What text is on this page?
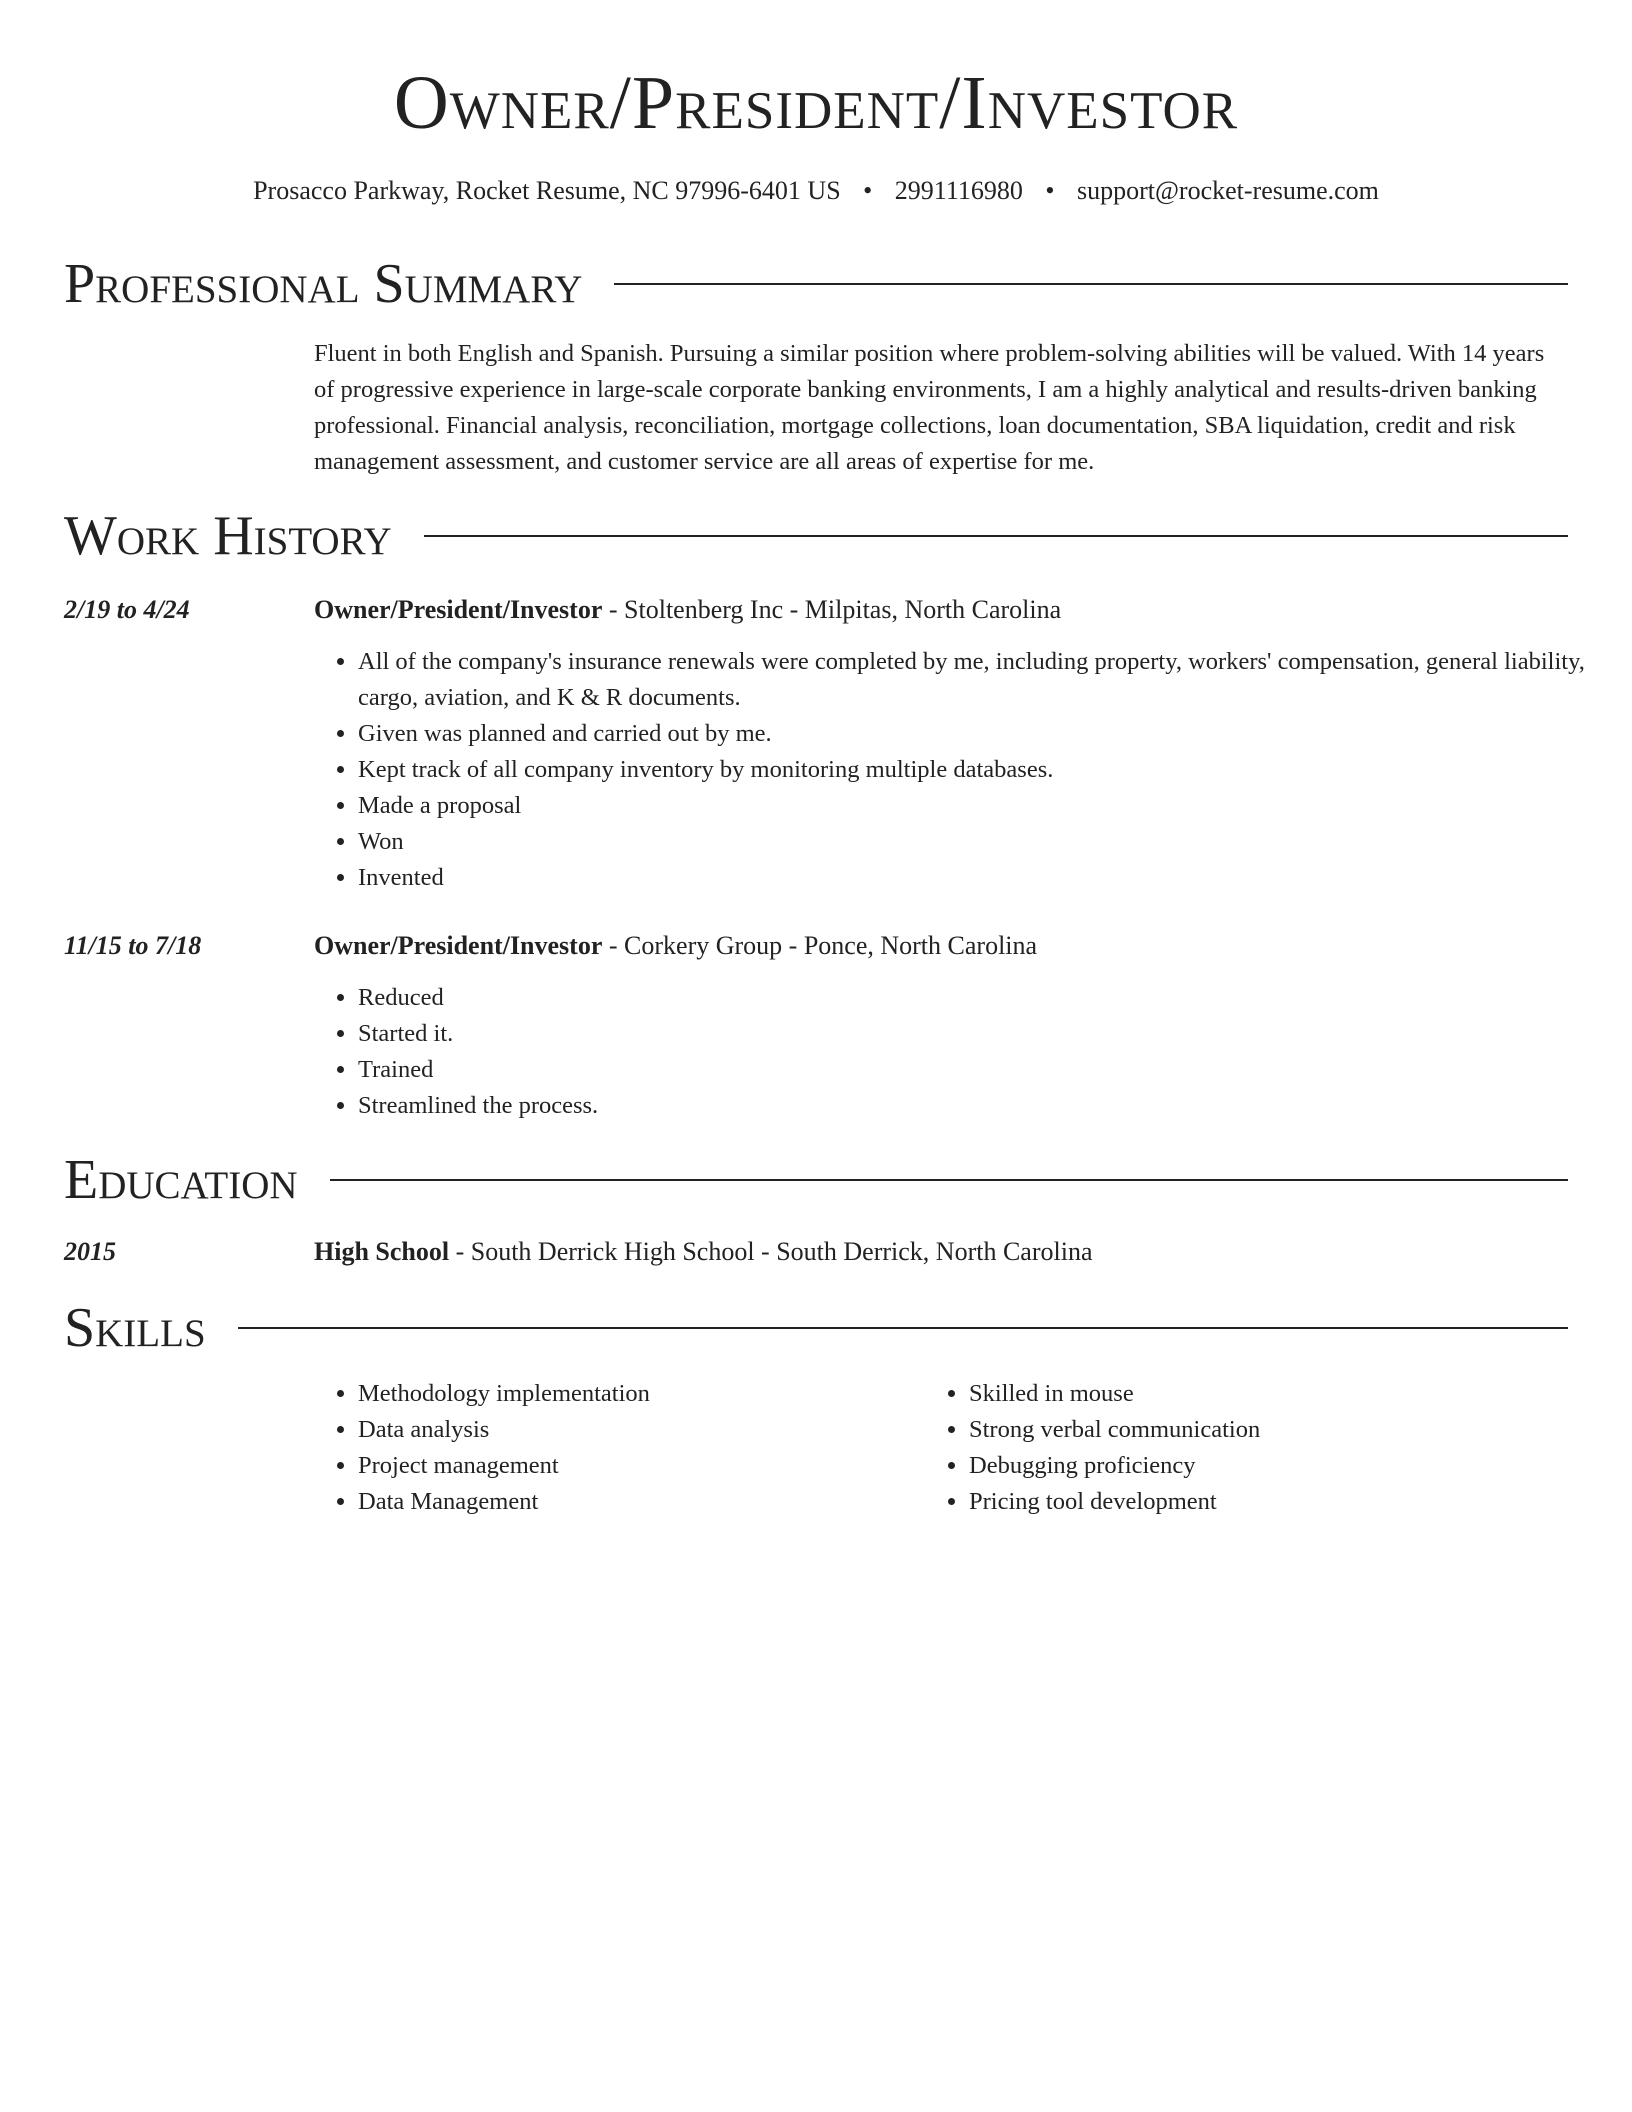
Owner/President/Investor
Prosacco Parkway, Rocket Resume, NC 97996-6401 US • 2991116980 • support@rocket-resume.com
Professional Summary

Fluent in both English and Spanish. Pursuing a similar position where problem-solving abilities will be valued. With 14 years of progressive experience in large-scale corporate banking environments, I am a highly analytical and results-driven banking professional. Financial analysis, reconciliation, mortgage collections, loan documentation, SBA liquidation, credit and risk management assessment, and customer service are all areas of expertise for me.

Work History
2/19 to 4/24	Owner/President/Investor - Stoltenberg Inc - Milpitas, North Carolina
• All of the company's insurance renewals were completed by me, including property, workers' compensation, general liability, cargo, aviation, and K & R documents.
• Given was planned and carried out by me.
• Kept track of all company inventory by monitoring multiple databases.
• Made a proposal
• Won
• Invented
11/15 to 7/18	Owner/President/Investor - Corkery Group - Ponce, North Carolina
• Reduced
• Started it.
• Trained
• Streamlined the process.
Education
2015	High School - South Derrick High School - South Derrick, North Carolina
Skills
• Methodology implementation
• Data analysis
• Project management
• Data Management
• Skilled in mouse
• Strong verbal communication
• Debugging proficiency
• Pricing tool development
